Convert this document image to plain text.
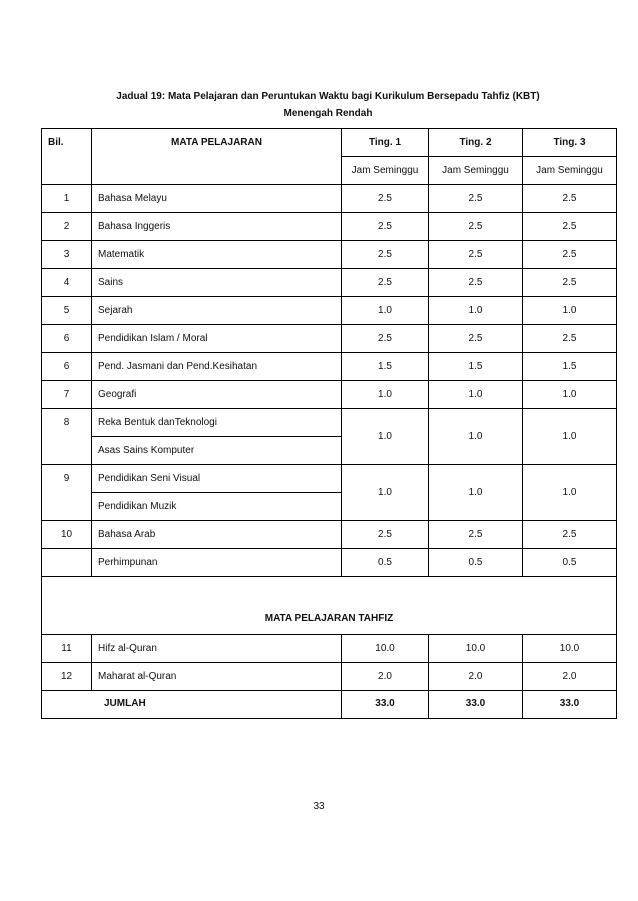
Jadual 19: Mata Pelajaran dan Peruntukan Waktu bagi Kurikulum Bersepadu Tahfiz (KBT)
Menengah Rendah
Bil.	MATA PELAJARAN	Ting. 1	Ting. 2	Ting. 3
		Jam Seminggu	Jam Seminggu	Jam Seminggu
1	Bahasa Melayu	2.5	2.5	2.5
2	Bahasa Inggeris	2.5	2.5	2.5
3	Matematik	2.5	2.5	2.5
4	Sains	2.5	2.5	2.5
5	Sejarah	1.0	1.0	1.0
6	Pendidikan Islam / Moral	2.5	2.5	2.5
6	Pend. Jasmani dan Pend.Kesihatan	1.5	1.5	1.5
7	Geografi	1.0	1.0	1.0
8	Reka Bentuk danTeknologi	1.0	1.0	1.0
	Asas Sains Komputer			
9	Pendidikan Seni Visual	1.0	1.0	1.0
	Pendidikan Muzik			
10	Bahasa Arab	2.5	2.5	2.5
	Perhimpunan	0.5	0.5	0.5
MATA PELAJARAN TAHFIZ				
11	Hifz al-Quran	10.0	10.0	10.0
12	Maharat al-Quran	2.0	2.0	2.0
JUMLAH		33.0	33.0	33.0
33
